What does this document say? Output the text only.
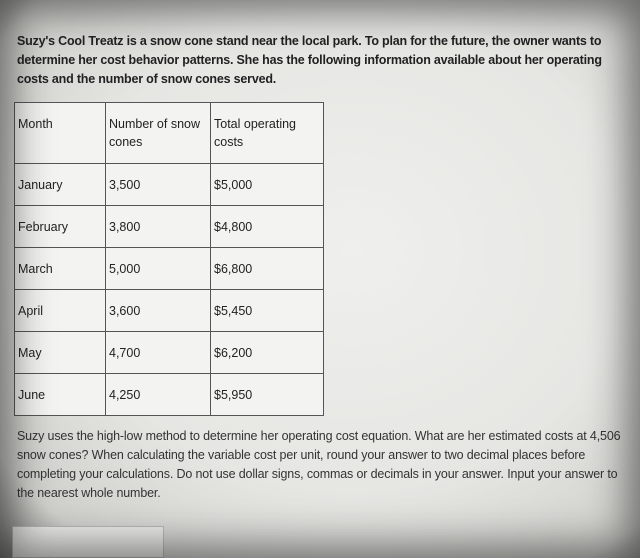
Suzy's Cool Treatz is a snow cone stand near the local park. To plan for the future, the owner wants to determine her cost behavior patterns. She has the following information available about her operating costs and the number of snow cones served.

Month	Number of snow cones	Total operating costs
January	3,500	$5,000
February	3,800	$4,800
March	5,000	$6,800
April	3,600	$5,450
May	4,700	$6,200
June	4,250	$5,950

Suzy uses the high-low method to determine her operating cost equation. What are her estimated costs at 4,506 snow cones? When calculating the variable cost per unit, round your answer to two decimal places before completing your calculations. Do not use dollar signs, commas or decimals in your answer. Input your answer to the nearest whole number.
